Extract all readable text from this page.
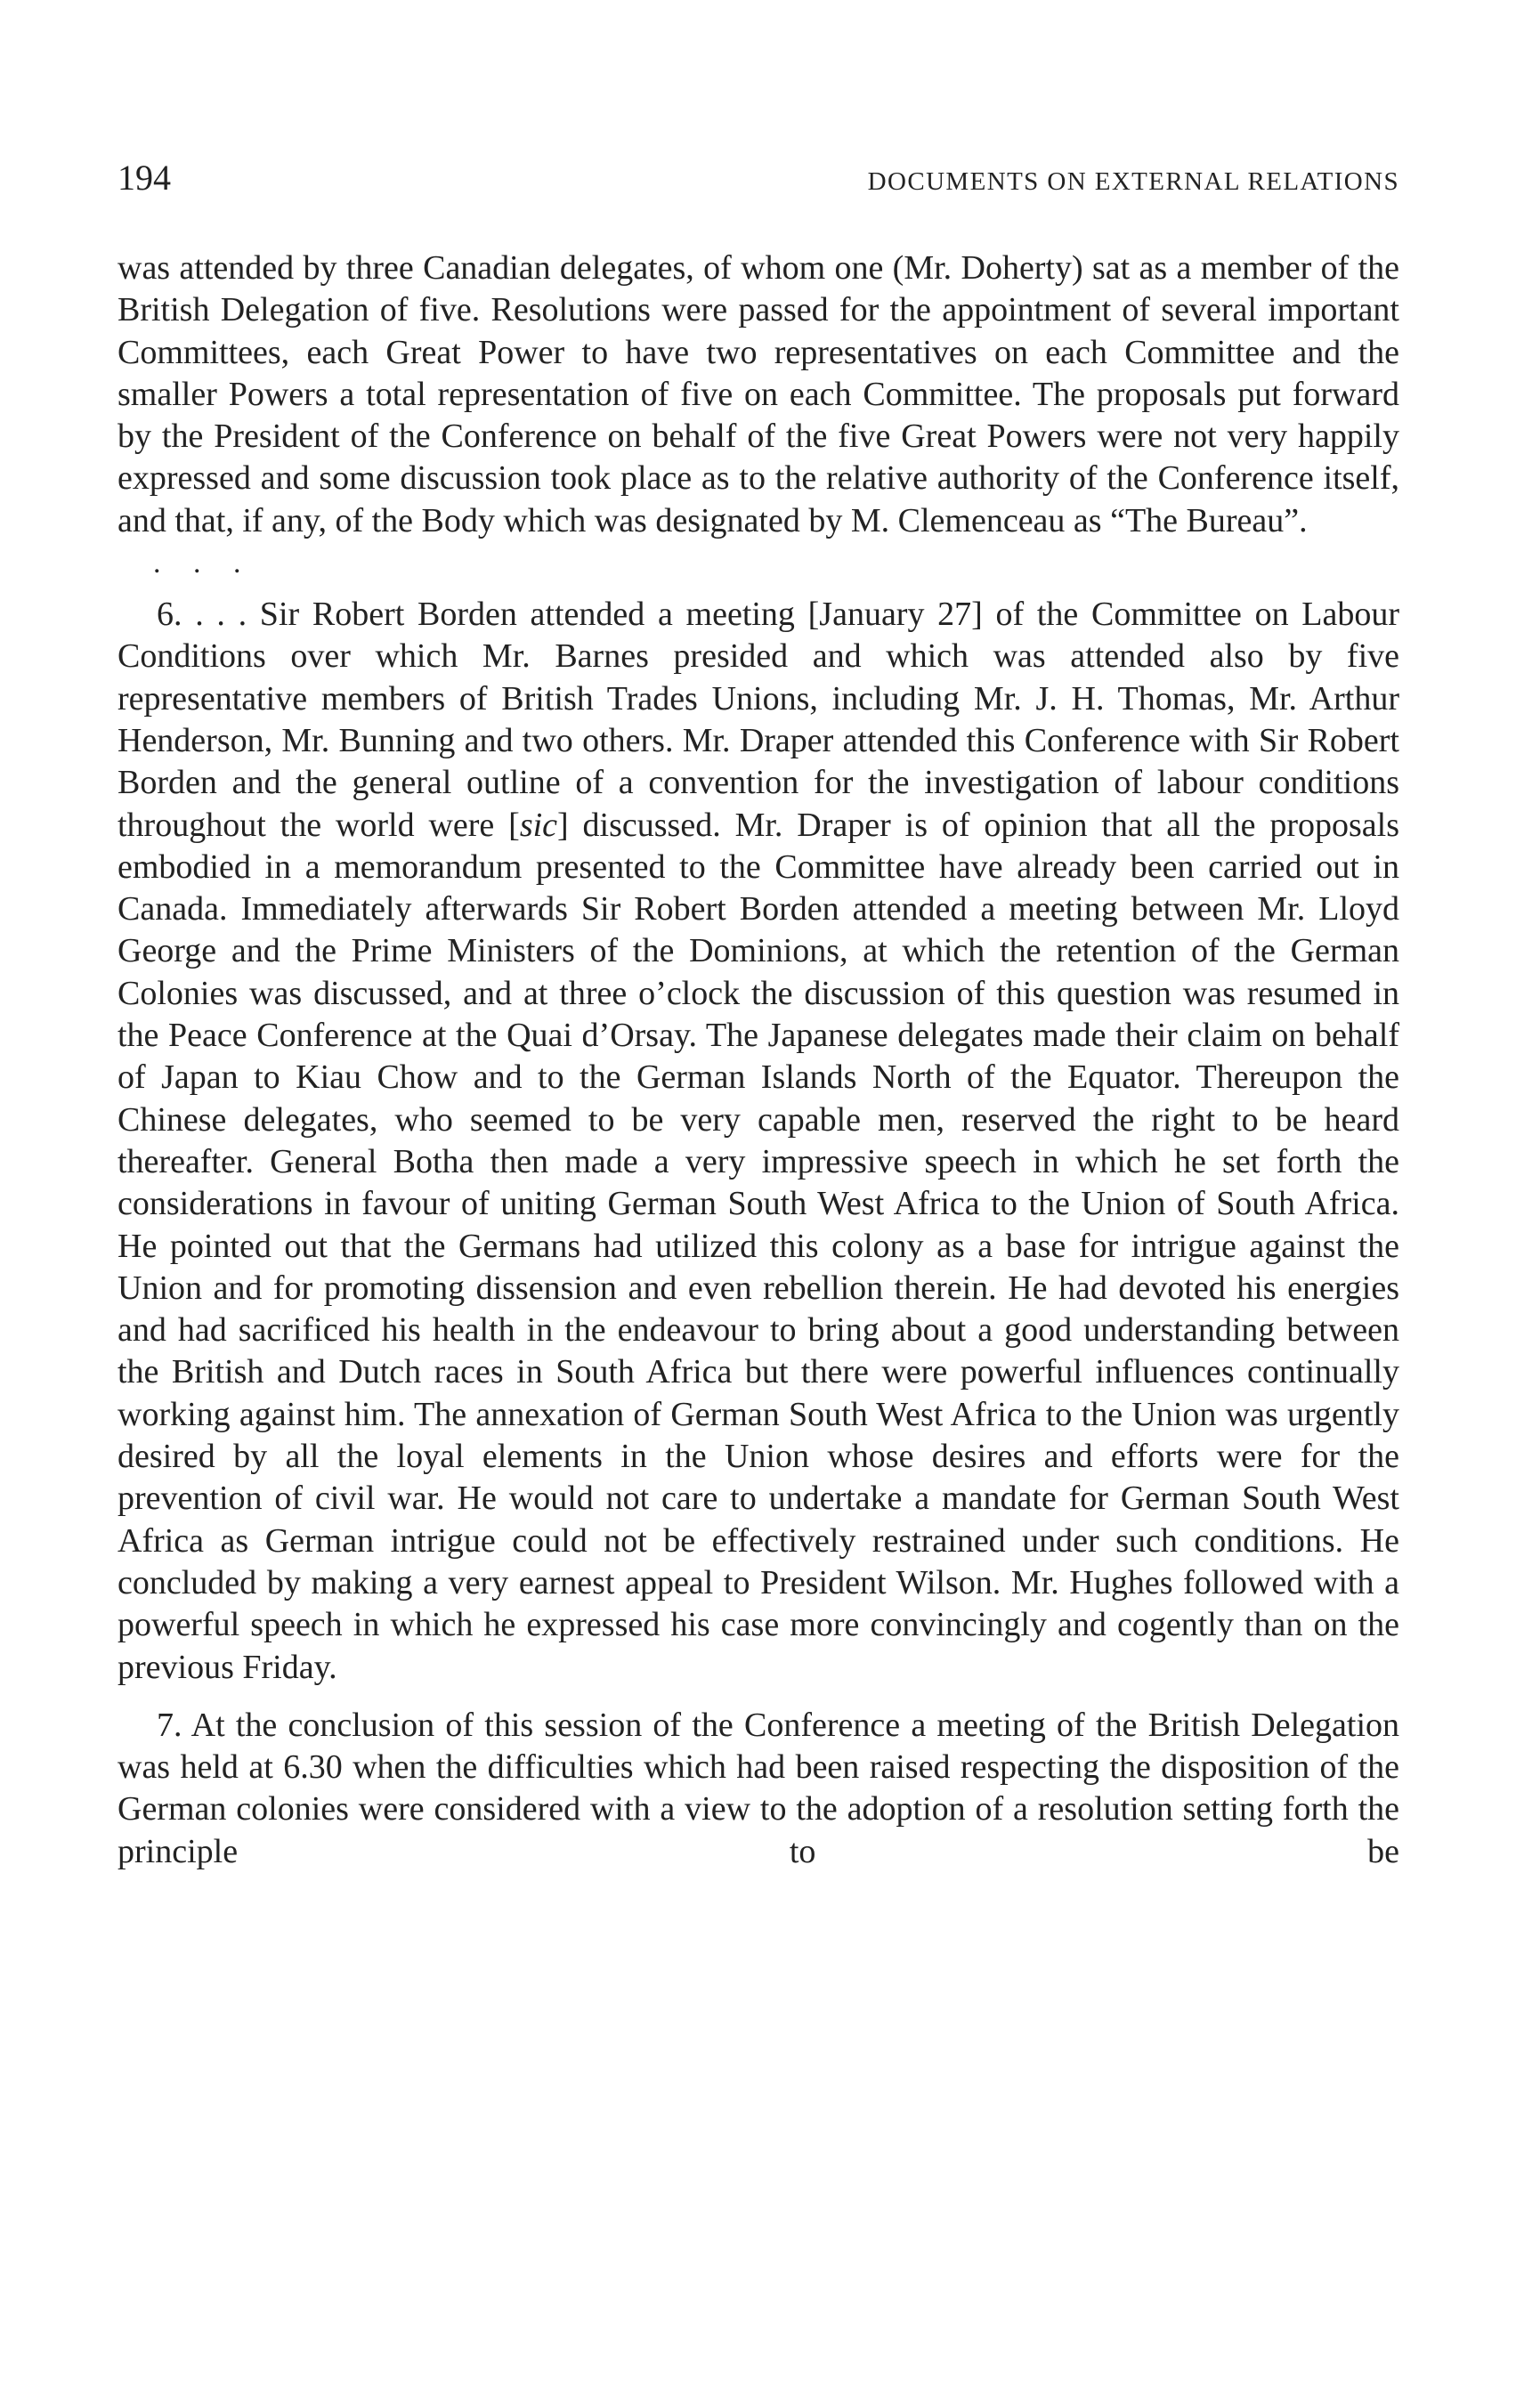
194	DOCUMENTS ON EXTERNAL RELATIONS

was attended by three Canadian delegates, of whom one (Mr. Doherty) sat as a member of the British Delegation of five. Resolutions were passed for the appointment of several important Committees, each Great Power to have two representatives on each Committee and the smaller Powers a total representation of five on each Committee. The proposals put forward by the President of the Conference on behalf of the five Great Powers were not very happily expressed and some discussion took place as to the relative authority of the Conference itself, and that, if any, of the Body which was designated by M. Clemenceau as “The Bureau”.

. . .

6. . . . Sir Robert Borden attended a meeting [January 27] of the Committee on Labour Conditions over which Mr. Barnes presided and which was attended also by five representative members of British Trades Unions, including Mr. J. H. Thomas, Mr. Arthur Henderson, Mr. Bunning and two others. Mr. Draper attended this Conference with Sir Robert Borden and the general outline of a convention for the investigation of labour conditions throughout the world were [sic] discussed. Mr. Draper is of opinion that all the proposals embodied in a memorandum presented to the Committee have already been carried out in Canada. Immediately afterwards Sir Robert Borden attended a meeting between Mr. Lloyd George and the Prime Ministers of the Dominions, at which the retention of the German Colonies was discussed, and at three o’clock the discussion of this question was resumed in the Peace Conference at the Quai d’Orsay. The Japanese delegates made their claim on behalf of Japan to Kiau Chow and to the German Islands North of the Equator. Thereupon the Chinese delegates, who seemed to be very capable men, reserved the right to be heard thereafter. General Botha then made a very impressive speech in which he set forth the considerations in favour of uniting German South West Africa to the Union of South Africa. He pointed out that the Germans had utilized this colony as a base for intrigue against the Union and for promoting dissension and even rebellion therein. He had devoted his energies and had sacrificed his health in the endeavour to bring about a good understanding between the British and Dutch races in South Africa but there were powerful influences continually working against him. The annexation of German South West Africa to the Union was urgently desired by all the loyal elements in the Union whose desires and efforts were for the prevention of civil war. He would not care to undertake a mandate for German South West Africa as German intrigue could not be effectively restrained under such conditions. He concluded by making a very earnest appeal to President Wilson. Mr. Hughes followed with a powerful speech in which he expressed his case more convincingly and cogently than on the previous Friday.

7. At the conclusion of this session of the Conference a meeting of the British Delegation was held at 6.30 when the difficulties which had been raised respecting the disposition of the German colonies were considered with a view to the adoption of a resolution setting forth the principle to be
